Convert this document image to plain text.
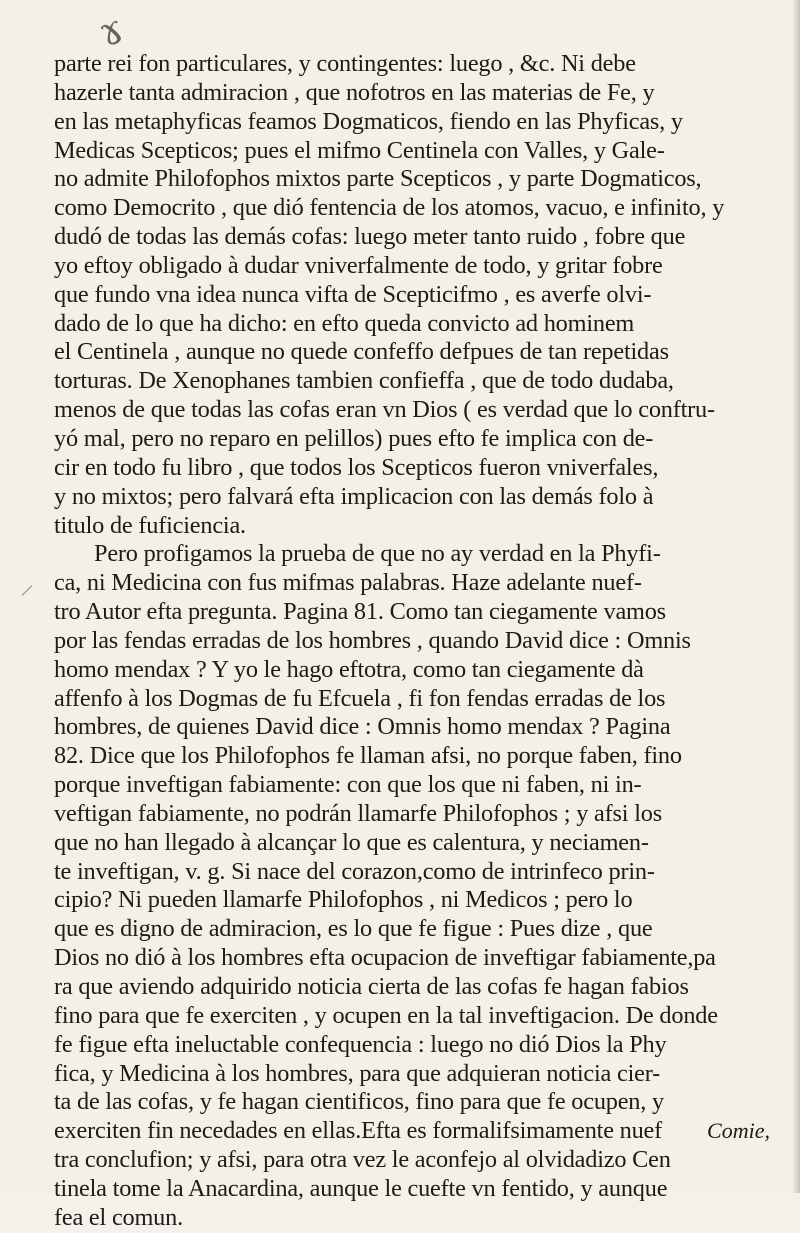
ɤ
parte rei fon particulares, y contingentes: luego , &c. Ni debe
hazerle tanta admiracion , que nofotros en las materias de Fe, y
en las metaphyficas feamos Dogmaticos, fiendo en las Phyficas, y
Medicas Scepticos; pues el mifmo Centinela con Valles, y Gale-
no admite Philofophos mixtos parte Scepticos , y parte Dogmaticos,
como Democrito , que dió fentencia de los atomos, vacuo, e infinito, y
dudó de todas las demás cofas: luego meter tanto ruido , fobre que
yo eftoy obligado à dudar vniverfalmente de todo, y gritar fobre
que fundo vna idea nunca vifta de Scepticifmo , es averfe olvi-
dado de lo que ha dicho: en efto queda convicto ad hominem
el Centinela , aunque no quede confeffo defpues de tan repetidas
torturas. De Xenophanes tambien confieffa , que de todo dudaba,
menos de que todas las cofas eran vn Dios ( es verdad que lo conftru-
yó mal, pero no reparo en pelillos) pues efto fe implica con de-
cir en todo fu libro , que todos los Scepticos fueron vniverfales,
y no mixtos; pero falvará efta implicacion con las demás folo à
titulo de fuficiencia.
Pero profigamos la prueba de que no ay verdad en la Phyfi-
ca, ni Medicina con fus mifmas palabras. Haze adelante nuef-
tro Autor efta pregunta. Pagina 81. Como tan ciegamente vamos
por las fendas erradas de los hombres , quando David dice : Omnis
homo mendax ? Y yo le hago eftotra, como tan ciegamente dà
affenfo à los Dogmas de fu Efcuela , fi fon fendas erradas de los
hombres, de quienes David dice : Omnis homo mendax ? Pagina
82. Dice que los Philofophos fe llaman afsi, no porque faben, fino
porque inveftigan fabiamente: con que los que ni faben, ni in-
veftigan fabiamente, no podrán llamarfe Philofophos ; y afsi los
que no han llegado à alcançar lo que es calentura, y neciamen-
te inveftigan, v. g. Si nace del corazon,como de intrinfeco prin-
cipio? Ni pueden llamarfe Philofophos , ni Medicos ; pero lo
que es digno de admiracion, es lo que fe figue : Pues dize , que
Dios no dió à los hombres efta ocupacion de inveftigar fabiamente,pa
ra que aviendo adquirido noticia cierta de las cofas fe hagan fabios
fino para que fe exerciten , y ocupen en la tal inveftigacion. De donde
fe figue efta ineluctable confequencia : luego no dió Dios la Phy
fica, y Medicina à los hombres, para que adquieran noticia cier-
ta de las cofas, y fe hagan cientificos, fino para que fe ocupen, y
exerciten fin necedades en ellas.Efta es formalifsimamente nuef
tra conclufion; y afsi, para otra vez le aconfejo al olvidadizo Cen
tinela tome la Anacardina, aunque le cuefte vn fentido, y aunque
fea el comun.
Comie,
